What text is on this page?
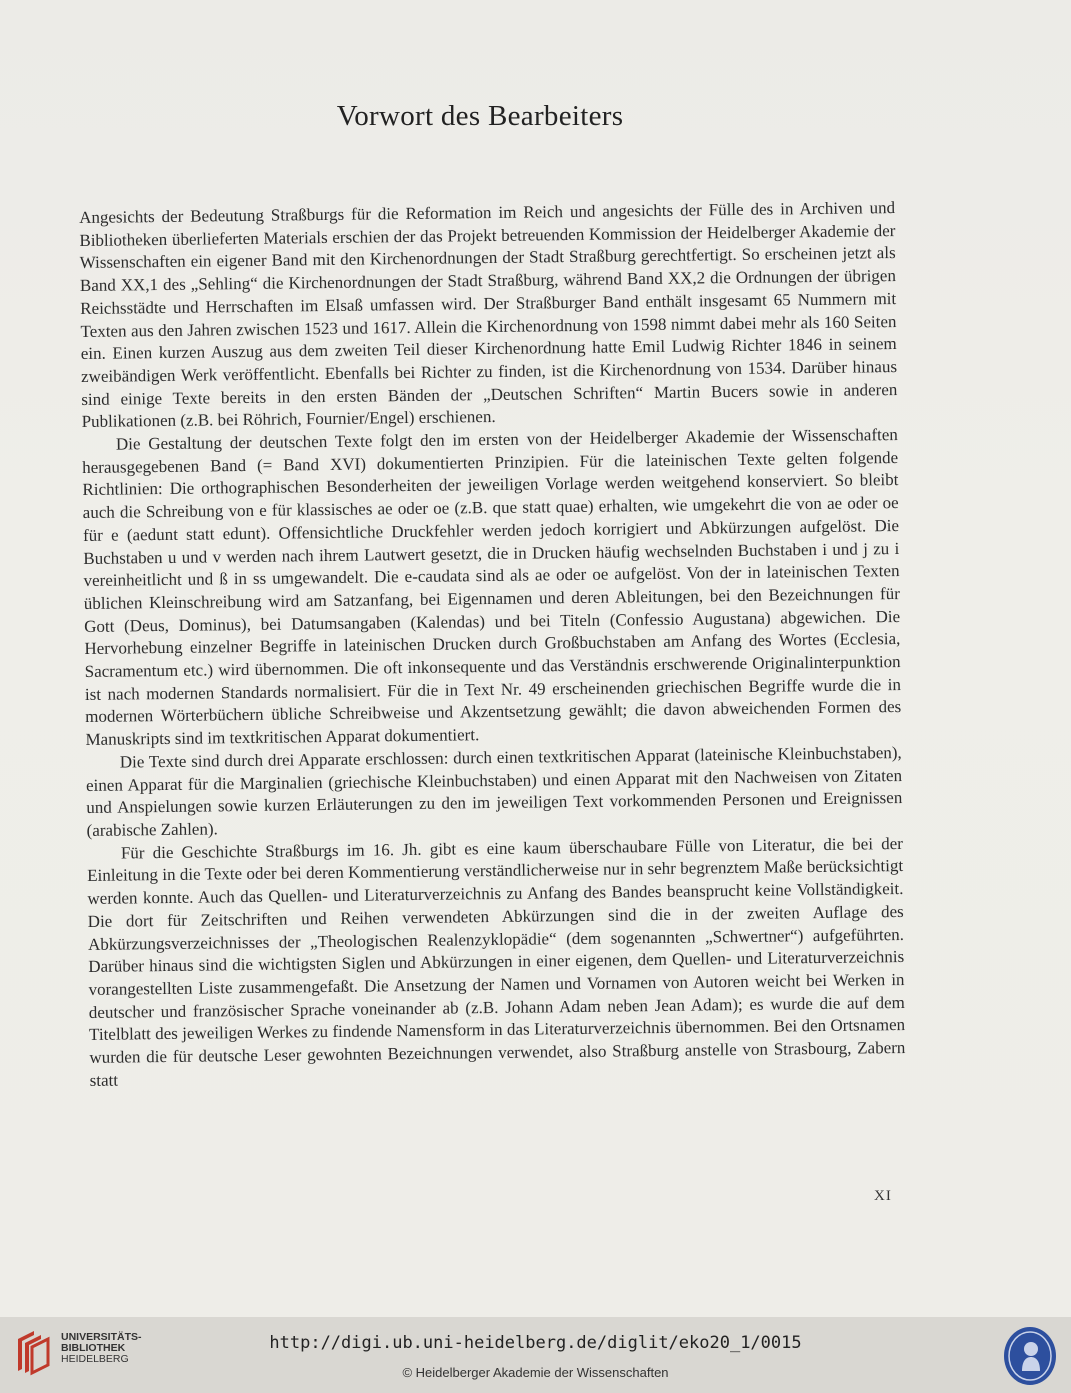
Vorwort des Bearbeiters

Angesichts der Bedeutung Straßburgs für die Reformation im Reich und angesichts der Fülle des in Archiven und Bibliotheken überlieferten Materials erschien der das Projekt betreuenden Kommission der Heidelberger Akademie der Wissenschaften ein eigener Band mit den Kirchenordnungen der Stadt Straßburg gerechtfertigt. So erscheinen jetzt als Band XX,1 des „Sehling“ die Kirchenordnungen der Stadt Straßburg, während Band XX,2 die Ordnungen der übrigen Reichsstädte und Herrschaften im Elsaß umfassen wird. Der Straßburger Band enthält insgesamt 65 Nummern mit Texten aus den Jahren zwischen 1523 und 1617. Allein die Kirchenordnung von 1598 nimmt dabei mehr als 160 Seiten ein. Einen kurzen Auszug aus dem zweiten Teil dieser Kirchenordnung hatte Emil Ludwig Richter 1846 in seinem zweibändigen Werk veröffentlicht. Ebenfalls bei Richter zu finden, ist die Kirchenordnung von 1534. Darüber hinaus sind einige Texte bereits in den ersten Bänden der „Deutschen Schriften“ Martin Bucers sowie in anderen Publikationen (z.B. bei Röhrich, Fournier/Engel) erschienen.

Die Gestaltung der deutschen Texte folgt den im ersten von der Heidelberger Akademie der Wissenschaften herausgegebenen Band (= Band XVI) dokumentierten Prinzipien. Für die lateinischen Texte gelten folgende Richtlinien: Die orthographischen Besonderheiten der jeweiligen Vorlage werden weitgehend konserviert. So bleibt auch die Schreibung von e für klassisches ae oder oe (z.B. que statt quae) erhalten, wie umgekehrt die von ae oder oe für e (aedunt statt edunt). Offensichtliche Druckfehler werden jedoch korrigiert und Abkürzungen aufgelöst. Die Buchstaben u und v werden nach ihrem Lautwert gesetzt, die in Drucken häufig wechselnden Buchstaben i und j zu i vereinheitlicht und ß in ss umgewandelt. Die e-caudata sind als ae oder oe aufgelöst. Von der in lateinischen Texten üblichen Kleinschreibung wird am Satzanfang, bei Eigennamen und deren Ableitungen, bei den Bezeichnungen für Gott (Deus, Dominus), bei Datumsangaben (Kalendas) und bei Titeln (Confessio Augustana) abgewichen. Die Hervorhebung einzelner Begriffe in lateinischen Drucken durch Großbuchstaben am Anfang des Wortes (Ecclesia, Sacramentum etc.) wird übernommen. Die oft inkonsequente und das Verständnis erschwerende Originalinterpunktion ist nach modernen Standards normalisiert. Für die in Text Nr. 49 erscheinenden griechischen Begriffe wurde die in modernen Wörterbüchern übliche Schreibweise und Akzentsetzung gewählt; die davon abweichenden Formen des Manuskripts sind im textkritischen Apparat dokumentiert.

Die Texte sind durch drei Apparate erschlossen: durch einen textkritischen Apparat (lateinische Kleinbuchstaben), einen Apparat für die Marginalien (griechische Kleinbuchstaben) und einen Apparat mit den Nachweisen von Zitaten und Anspielungen sowie kurzen Erläuterungen zu den im jeweiligen Text vorkommenden Personen und Ereignissen (arabische Zahlen).

Für die Geschichte Straßburgs im 16. Jh. gibt es eine kaum überschaubare Fülle von Literatur, die bei der Einleitung in die Texte oder bei deren Kommentierung verständlicherweise nur in sehr begrenztem Maße berücksichtigt werden konnte. Auch das Quellen- und Literaturverzeichnis zu Anfang des Bandes beansprucht keine Vollständigkeit. Die dort für Zeitschriften und Reihen verwendeten Abkürzungen sind die in der zweiten Auflage des Abkürzungsverzeichnisses der „Theologischen Realenzyklopädie“ (dem sogenannten „Schwertner“) aufgeführten. Darüber hinaus sind die wichtigsten Siglen und Abkürzungen in einer eigenen, dem Quellen- und Literaturverzeichnis vorangestellten Liste zusammengefaßt. Die Ansetzung der Namen und Vornamen von Autoren weicht bei Werken in deutscher und französischer Sprache voneinander ab (z.B. Johann Adam neben Jean Adam); es wurde die auf dem Titelblatt des jeweiligen Werkes zu findende Namensform in das Literaturverzeichnis übernommen. Bei den Ortsnamen wurden die für deutsche Leser gewohnten Bezeichnungen verwendet, also Straßburg anstelle von Strasbourg, Zabern statt

XI
UNIVERSITÄTS-
BIBLIOTHEK
HEIDELBERG
http://digi.ub.uni-heidelberg.de/diglit/eko20_1/0015
© Heidelberger Akademie der Wissenschaften
